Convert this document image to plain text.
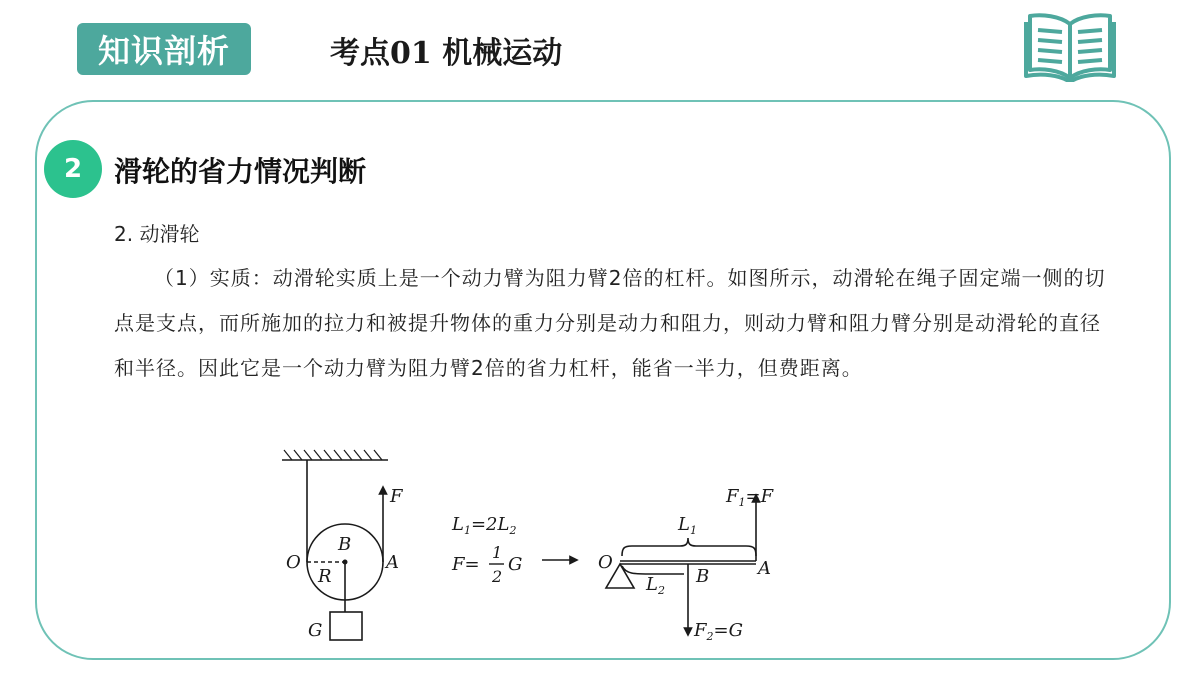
知识剖析	考点01 机械运动
2	滑轮的省力情况判断
2. 动滑轮
（1）实质：动滑轮实质上是一个动力臂为阻力臂2倍的杠杆。如图所示，动滑轮在绳子固定端一侧的切点是支点，而所施加的拉力和被提升物体的重力分别是动力和阻力，则动力臂和阻力臂分别是动滑轮的直径和半径。因此它是一个动力臂为阻力臂2倍的省力杠杆，能省一半力，但费距离。
F
B
O	A
R
G
$L_1=2L_2$
F=
1
2
G
$F_1=F$
$L_1$
$L_2$
O
B	A
$F_2=G$
